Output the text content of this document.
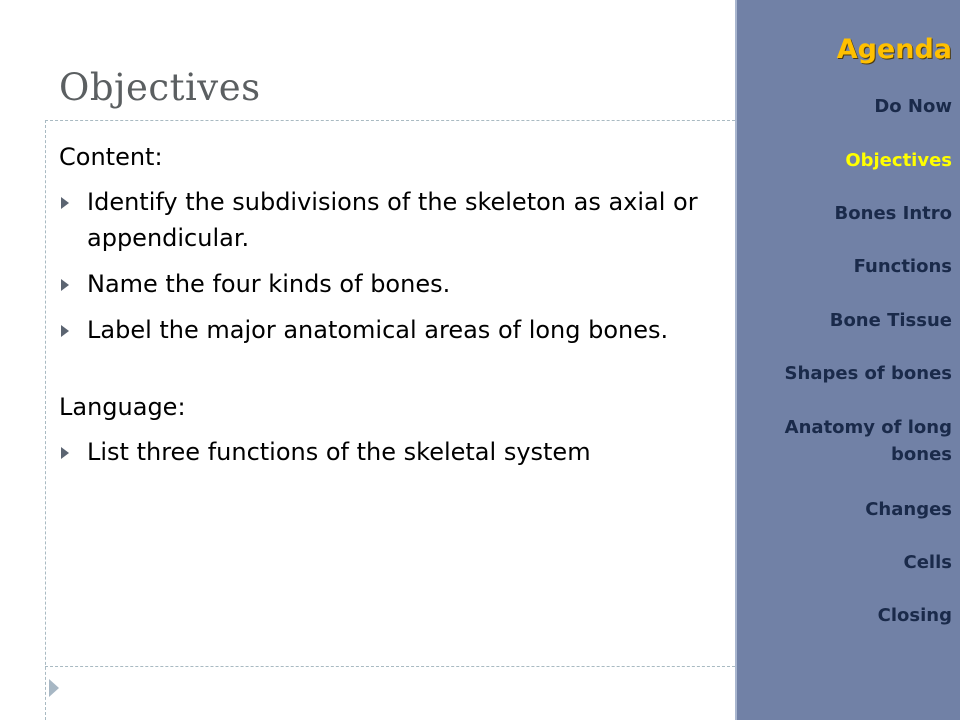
Objectives

Content:

Identify the subdivisions of the skeleton as axial or appendicular.
Name the four kinds of bones.
Label the major anatomical areas of long bones.

Language:

List three functions of the skeletal system
Agenda
Do Now
Objectives
Bones Intro
Functions
Bone Tissue
Shapes of bones
Anatomy of long bones
Changes
Cells
Closing
